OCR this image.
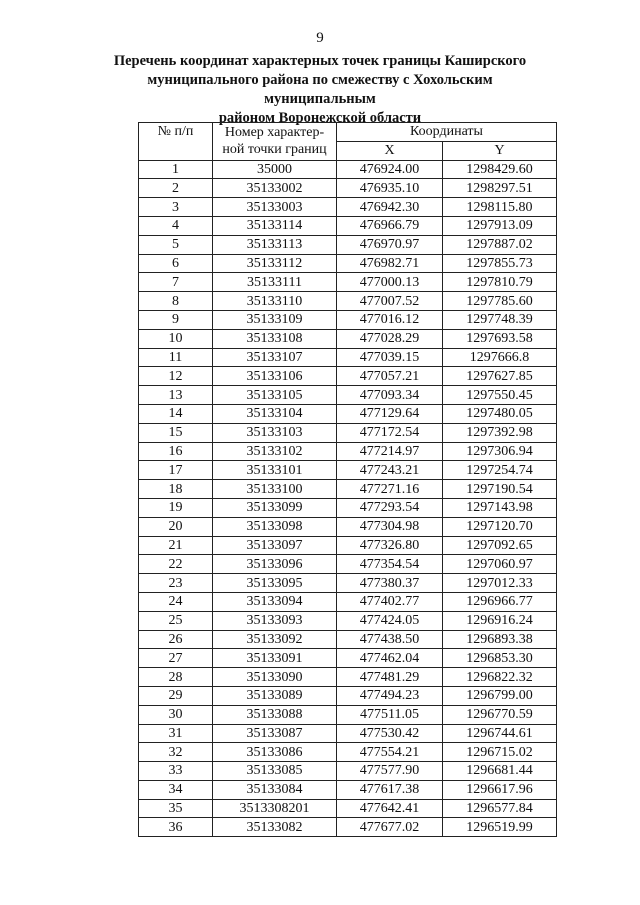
9
Перечень координат характерных точек границы Каширского
муниципального района по смежеству с Хохольским муниципальным
районом Воронежской области
№ п/п	Номер характер-
ной точки границ	Координаты	
		X	Y
1	35000	476924.00	1298429.60
2	35133002	476935.10	1298297.51
3	35133003	476942.30	1298115.80
4	35133114	476966.79	1297913.09
5	35133113	476970.97	1297887.02
6	35133112	476982.71	1297855.73
7	35133111	477000.13	1297810.79
8	35133110	477007.52	1297785.60
9	35133109	477016.12	1297748.39
10	35133108	477028.29	1297693.58
11	35133107	477039.15	1297666.8
12	35133106	477057.21	1297627.85
13	35133105	477093.34	1297550.45
14	35133104	477129.64	1297480.05
15	35133103	477172.54	1297392.98
16	35133102	477214.97	1297306.94
17	35133101	477243.21	1297254.74
18	35133100	477271.16	1297190.54
19	35133099	477293.54	1297143.98
20	35133098	477304.98	1297120.70
21	35133097	477326.80	1297092.65
22	35133096	477354.54	1297060.97
23	35133095	477380.37	1297012.33
24	35133094	477402.77	1296966.77
25	35133093	477424.05	1296916.24
26	35133092	477438.50	1296893.38
27	35133091	477462.04	1296853.30
28	35133090	477481.29	1296822.32
29	35133089	477494.23	1296799.00
30	35133088	477511.05	1296770.59
31	35133087	477530.42	1296744.61
32	35133086	477554.21	1296715.02
33	35133085	477577.90	1296681.44
34	35133084	477617.38	1296617.96
35	3513308201	477642.41	1296577.84
36	35133082	477677.02	1296519.99
